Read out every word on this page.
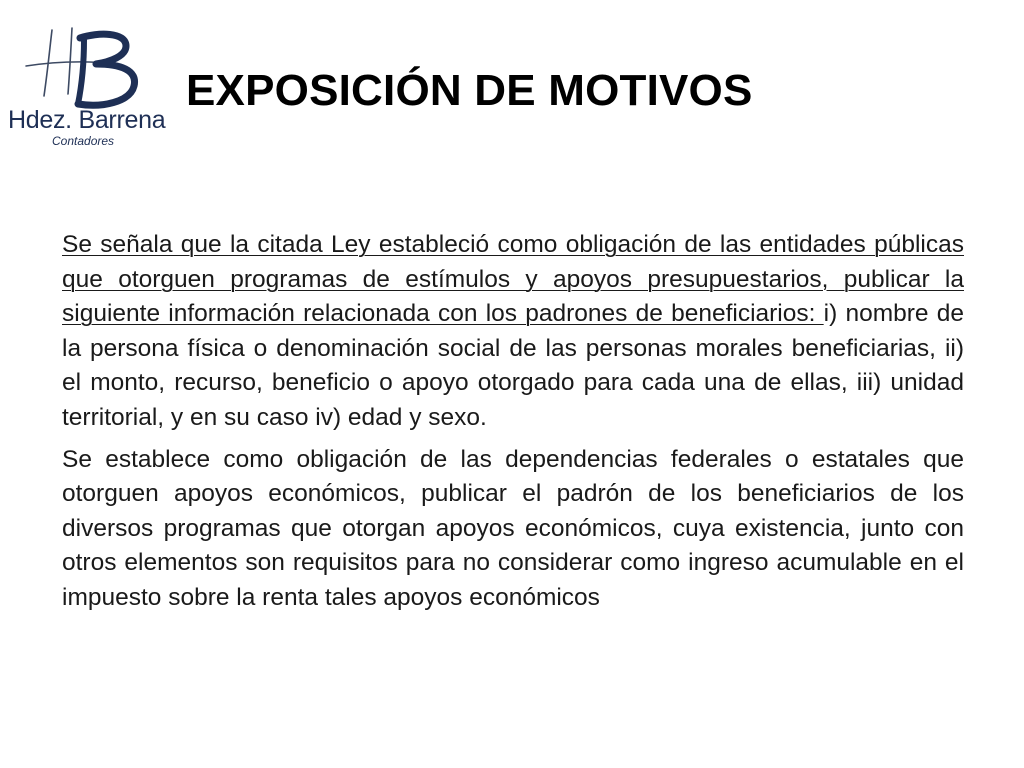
Hdez. Barrena
Contadores
EXPOSICIÓN DE MOTIVOS

Se señala que la citada Ley estableció como obligación de las entidades públicas que otorguen programas de estímulos y apoyos presupuestarios, publicar la siguiente información relacionada con los padrones de beneficiarios: i) nombre de la persona física o denominación social de las personas morales beneficiarias, ii) el monto, recurso, beneficio o apoyo otorgado para cada una de ellas, iii) unidad territorial, y en su caso iv) edad y sexo.

Se establece como obligación de las dependencias federales o estatales que otorguen apoyos económicos, publicar el padrón de los beneficiarios de los diversos programas que otorgan apoyos económicos, cuya existencia, junto con otros elementos son requisitos para no considerar como ingreso acumulable en el impuesto sobre la renta tales apoyos económicos
